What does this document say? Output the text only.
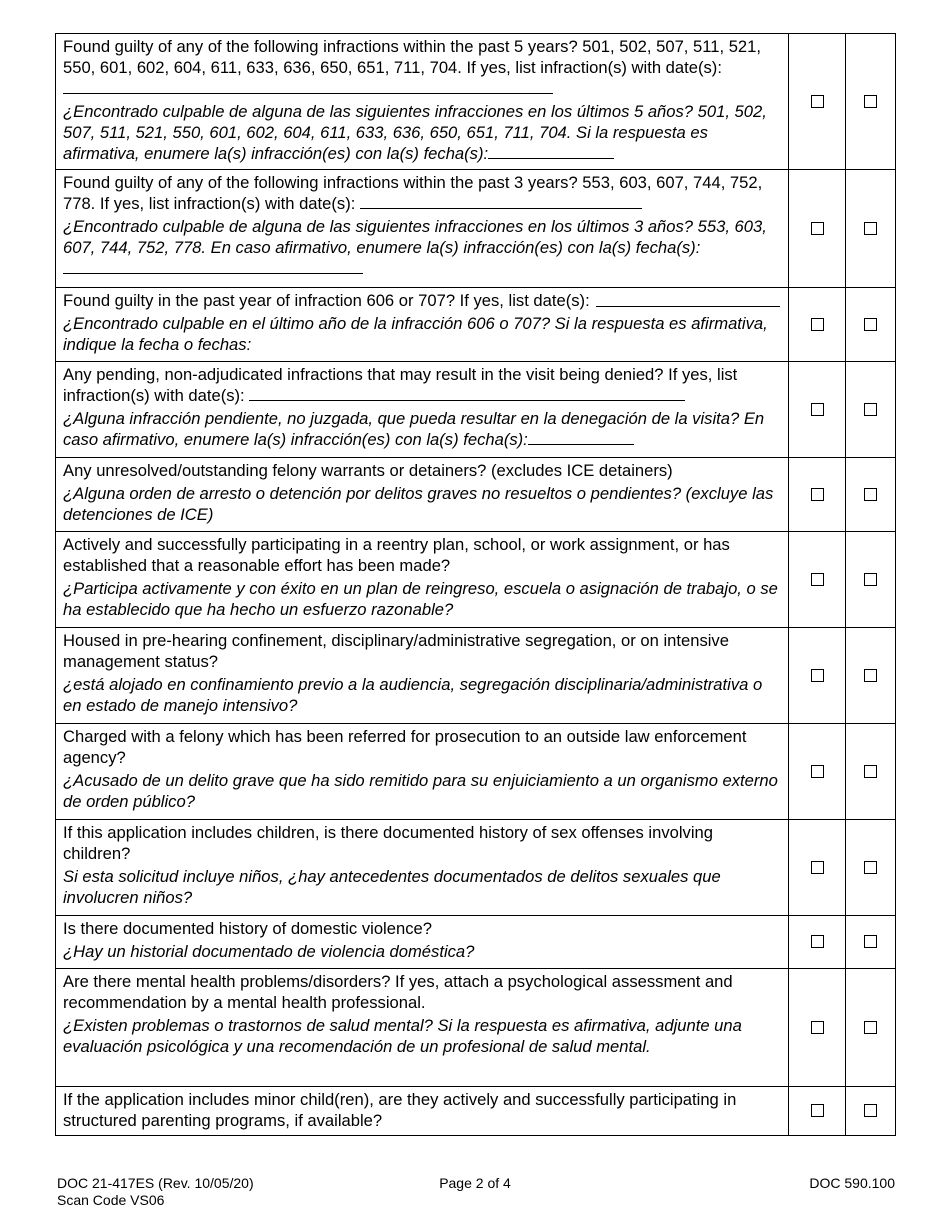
Found guilty of any of the following infractions within the past 5 years? 501, 502, 507, 511, 521, 550, 601, 602, 604, 611, 633, 636, 650, 651, 711, 704. If yes, list infraction(s) with date(s):
¿Encontrado culpable de alguna de las siguientes infracciones en los últimos 5 años? 501, 502, 507, 511, 521, 550, 601, 602, 604, 611, 633, 636, 650, 651, 711, 704. Si la respuesta es afirmativa, enumere la(s) infracción(es) con la(s) fecha(s):		

Found guilty of any of the following infractions within the past 3 years? 553, 603, 607, 744, 752, 778. If yes, list infraction(s) with date(s):
¿Encontrado culpable de alguna de las siguientes infracciones en los últimos 3 años? 553, 603, 607, 744, 752, 778. En caso afirmativo, enumere la(s) infracción(es) con la(s) fecha(s):		

Found guilty in the past year of infraction 606 or 707? If yes, list date(s):
¿Encontrado culpable en el último año de la infracción 606 o 707? Si la respuesta es afirmativa, indique la fecha o fechas:		

Any pending, non-adjudicated infractions that may result in the visit being denied? If yes, list infraction(s) with date(s):
¿Alguna infracción pendiente, no juzgada, que pueda resultar en la denegación de la visita? En caso afirmativo, enumere la(s) infracción(es) con la(s) fecha(s):		

Any unresolved/outstanding felony warrants or detainers? (excludes ICE detainers)
¿Alguna orden de arresto o detención por delitos graves no resueltos o pendientes? (excluye las detenciones de ICE)		

Actively and successfully participating in a reentry plan, school, or work assignment, or has established that a reasonable effort has been made?
¿Participa activamente y con éxito en un plan de reingreso, escuela o asignación de trabajo, o se ha establecido que ha hecho un esfuerzo razonable?		

Housed in pre-hearing confinement, disciplinary/administrative segregation, or on intensive management status?
¿está alojado en confinamiento previo a la audiencia, segregación disciplinaria/administrativa o en estado de manejo intensivo?		

Charged with a felony which has been referred for prosecution to an outside law enforcement agency?
¿Acusado de un delito grave que ha sido remitido para su enjuiciamiento a un organismo externo de orden público?		

If this application includes children, is there documented history of sex offenses involving children?
Si esta solicitud incluye niños, ¿hay antecedentes documentados de delitos sexuales que involucren niños?		

Is there documented history of domestic violence?
¿Hay un historial documentado de violencia doméstica?		

Are there mental health problems/disorders? If yes, attach a psychological assessment and recommendation by a mental health professional.
¿Existen problemas o trastornos de salud mental? Si la respuesta es afirmativa, adjunte una evaluación psicológica y una recomendación de un profesional de salud mental.		

If the application includes minor child(ren), are they actively and successfully participating in structured parenting programs, if available?		

DOC 21-417ES (Rev. 10/05/20)
Scan Code VS06
Page 2 of 4	DOC 590.100
